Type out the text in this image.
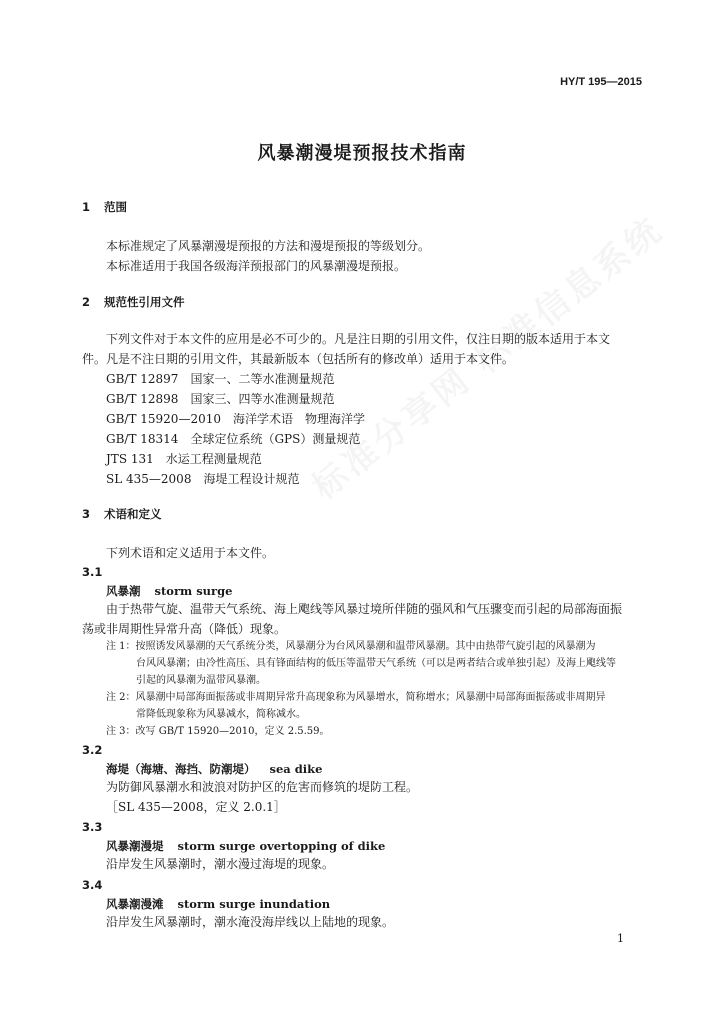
HY/T 195—2015
风暴潮漫堤预报技术指南
1 范围
本标准规定了风暴潮漫堤预报的方法和漫堤预报的等级划分。
本标准适用于我国各级海洋预报部门的风暴潮漫堤预报。
2 规范性引用文件
下列文件对于本文件的应用是必不可少的。凡是注日期的引用文件，仅注日期的版本适用于本文
件。凡是不注日期的引用文件，其最新版本（包括所有的修改单）适用于本文件。
GB/T 12897　国家一、二等水准测量规范
GB/T 12898　国家三、四等水准测量规范
GB/T 15920—2010　海洋学术语　物理海洋学
GB/T 18314　全球定位系统（GPS）测量规范
JTS 131　水运工程测量规范
SL 435—2008　海堤工程设计规范
3 术语和定义
下列术语和定义适用于本文件。
3.1
风暴潮 storm surge
由于热带气旋、温带天气系统、海上飑线等风暴过境所伴随的强风和气压骤变而引起的局部海面振
荡或非周期性异常升高（降低）现象。
注 1：按照诱发风暴潮的天气系统分类，风暴潮分为台风风暴潮和温带风暴潮。其中由热带气旋引起的风暴潮为
台风风暴潮；由冷性高压、具有锋面结构的低压等温带天气系统（可以是两者结合或单独引起）及海上飑线等
引起的风暴潮为温带风暴潮。
注 2：风暴潮中局部海面振荡或非周期异常升高现象称为风暴增水，简称增水；风暴潮中局部海面振荡或非周期异
常降低现象称为风暴减水，简称减水。
注 3：改写 GB/T 15920—2010，定义 2.5.59。
3.2
海堤（海塘、海挡、防潮堤） sea dike
为防御风暴潮水和波浪对防护区的危害而修筑的堤防工程。
［SL 435—2008，定义 2.0.1］
3.3
风暴潮漫堤 storm surge overtopping of dike
沿岸发生风暴潮时，潮水漫过海堤的现象。
3.4
风暴潮漫滩 storm surge inundation
沿岸发生风暴潮时，潮水淹没海岸线以上陆地的现象。
1
